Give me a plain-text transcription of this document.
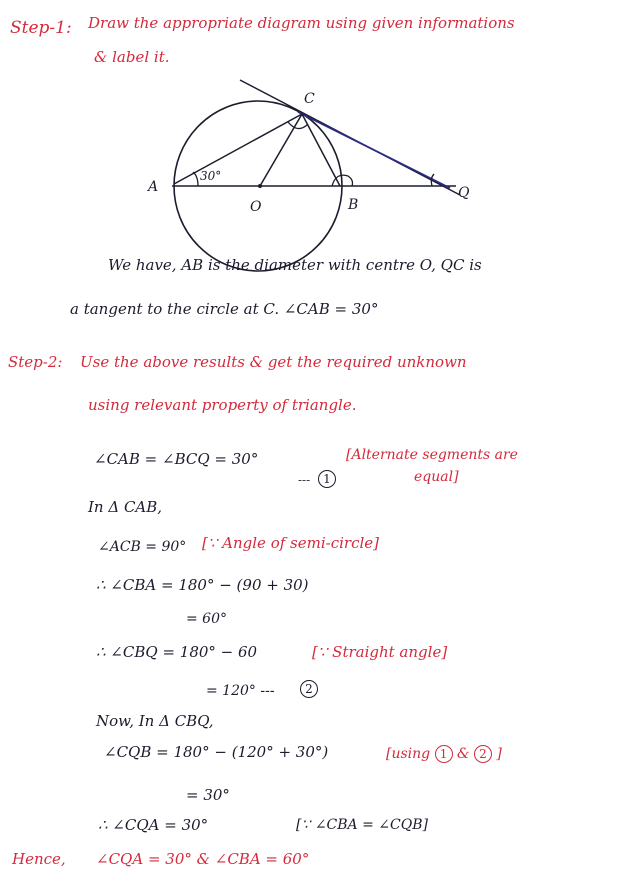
Step-1: Draw the appropriate diagram using given informations
& label it.
C
A
30°
O	B
Q
We have, AB is the diameter with centre O, QC is
a tangent to the circle at C. ∠CAB = 30°
Step-2: Use the above results & get the required unknown
using relevant property of triangle.
∠CAB = ∠BCQ = 30°
---	1
[Alternate segments are
equal]
In Δ CAB,
∠ACB = 90° [∵ Angle of semi-circle]
∴ ∠CBA = 180° − (90 + 30)
= 60°
∴ ∠CBQ = 180° − 60	[∵ Straight angle]
= 120° ---	2
Now, In Δ CBQ,
∠CQB = 180° − (120° + 30°)	[using 1 & 2 ]
= 30°
∴ ∠CQA = 30°	[∵ ∠CBA = ∠CQB]
Hence, ∠CQA = 30° & ∠CBA = 60°
